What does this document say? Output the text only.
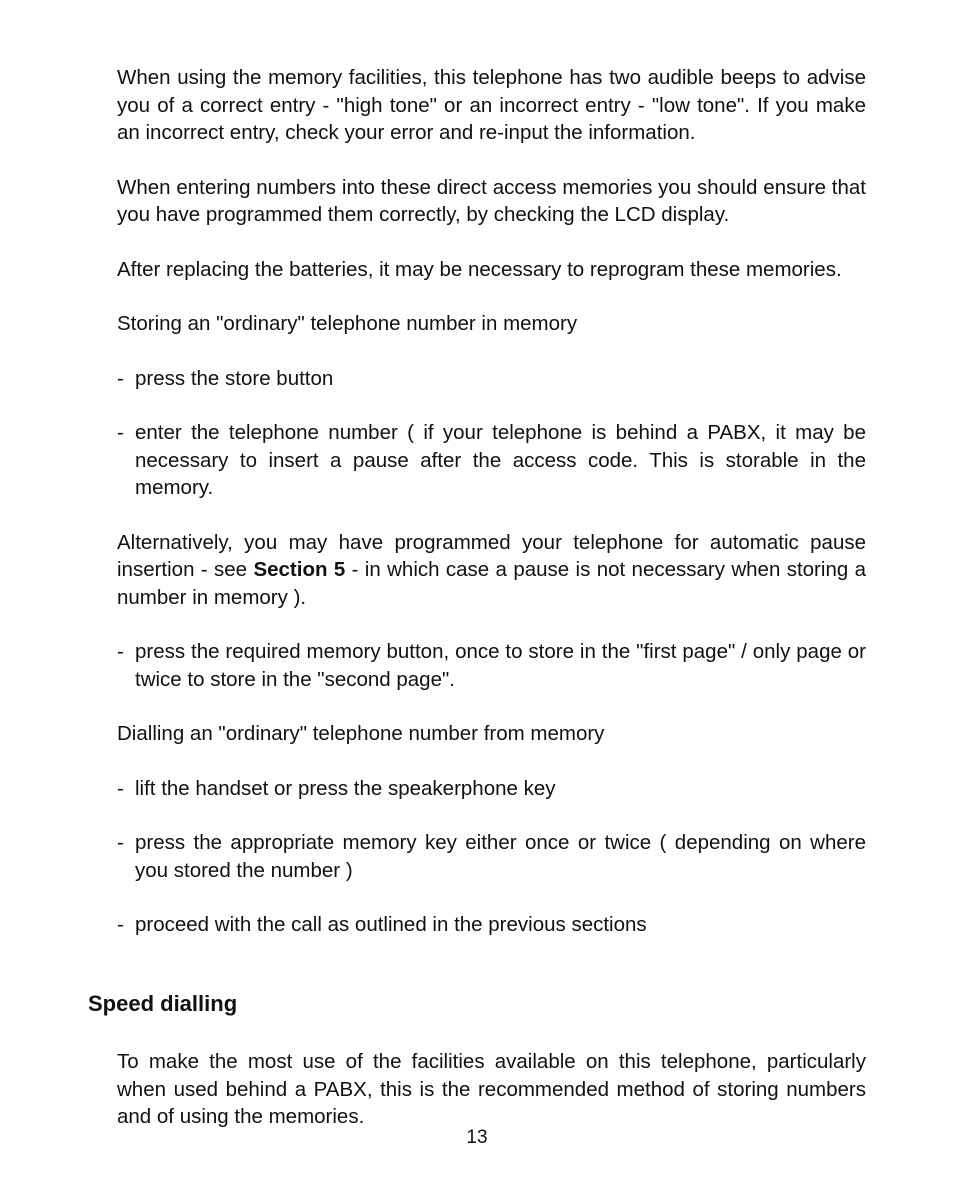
When using the memory facilities, this telephone has two audible beeps to advise you of a correct entry - "high tone" or an incorrect entry - "low tone". If you make an incorrect entry, check your error and re-input the information.

When entering numbers into these direct access memories you should ensure that you have programmed them correctly, by checking the LCD display.

After replacing the batteries, it may be necessary to reprogram these memories.

Storing an "ordinary" telephone number in memory

- press the store button
- enter the telephone number ( if your telephone is behind a PABX, it may be necessary to insert a pause after the access code. This is storable in the memory.

Alternatively, you may have programmed your telephone for automatic pause insertion - see Section 5 - in which case a pause is not necessary when storing a number in memory ).

- press the required memory button, once to store in the "first page" / only page or twice to store in the "second page".

Dialling an "ordinary" telephone number from memory

- lift the handset or press the speakerphone key
- press the appropriate memory key either once or twice ( depending on where you stored the number )
- proceed with the call as outlined in the previous sections
Speed dialling

To make the most use of the facilities available on this telephone, particularly when used behind a PABX, this is the recommended method of storing numbers and of using the memories.

13
